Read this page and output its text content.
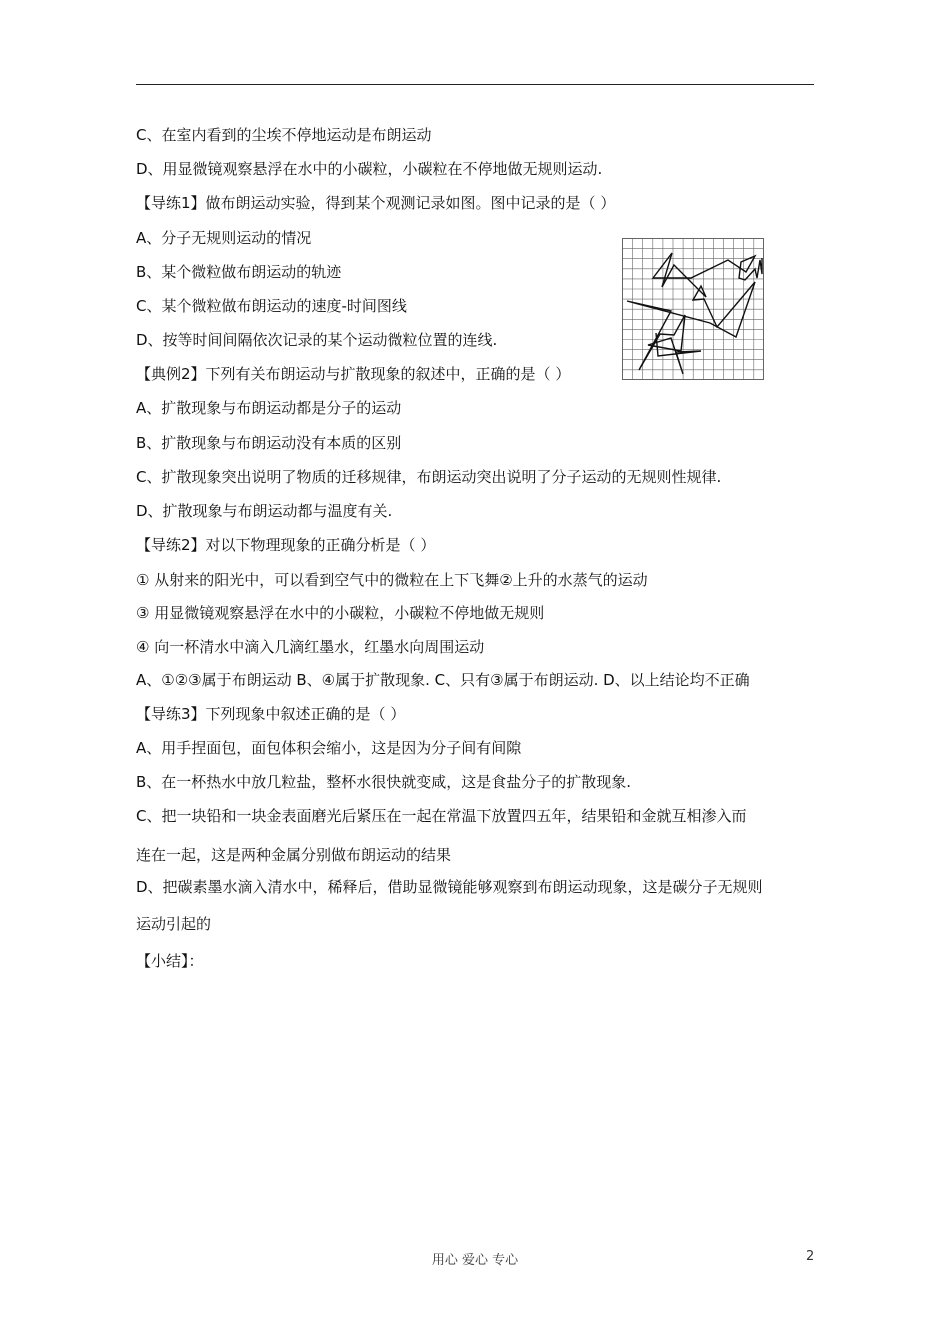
C、在室内看到的尘埃不停地运动是布朗运动
D、用显微镜观察悬浮在水中的小碳粒，小碳粒在不停地做无规则运动.
【导练1】做布朗运动实验，得到某个观测记录如图。图中记录的是（ ）
A、分子无规则运动的情况
B、某个微粒做布朗运动的轨迹
C、某个微粒做布朗运动的速度-时间图线
D、按等时间间隔依次记录的某个运动微粒位置的连线.
【典例2】下列有关布朗运动与扩散现象的叙述中，正确的是（ ）
A、扩散现象与布朗运动都是分子的运动
B、扩散现象与布朗运动没有本质的区别
C、扩散现象突出说明了物质的迁移规律，布朗运动突出说明了分子运动的无规则性规律.
D、扩散现象与布朗运动都与温度有关.
【导练2】对以下物理现象的正确分析是（ ）
① 从射来的阳光中，可以看到空气中的微粒在上下飞舞②上升的水蒸气的运动
③ 用显微镜观察悬浮在水中的小碳粒，小碳粒不停地做无规则
④ 向一杯清水中滴入几滴红墨水，红墨水向周围运动
A、①②③属于布朗运动 B、④属于扩散现象. C、只有③属于布朗运动. D、以上结论均不正确
【导练3】下列现象中叙述正确的是（ ）
A、用手捏面包，面包体积会缩小，这是因为分子间有间隙
B、在一杯热水中放几粒盐，整杯水很快就变咸，这是食盐分子的扩散现象.
C、把一块铅和一块金表面磨光后紧压在一起在常温下放置四五年，结果铅和金就互相渗入而
连在一起，这是两种金属分别做布朗运动的结果
D、把碳素墨水滴入清水中，稀释后，借助显微镜能够观察到布朗运动现象，这是碳分子无规则
运动引起的
【小结】：
用心 爱心 专心	2
